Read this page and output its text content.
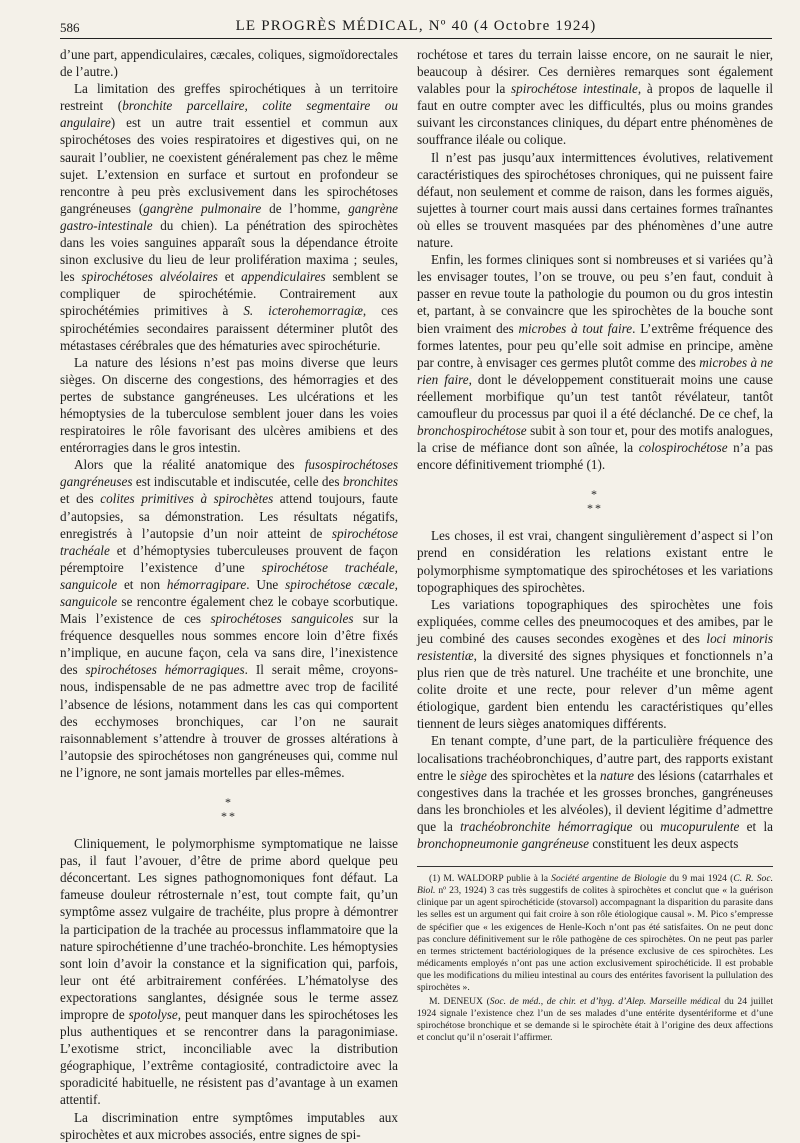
586	LE PROGRÈS MÉDICAL, Nº 40 (4 Octobre 1924)

d’une part, appendiculaires, cæcales, coliques, sigmoïdorectales de l’autre.)

La limitation des greffes spirochétiques à un territoire restreint (bronchite parcellaire, colite segmentaire ou angulaire) est un autre trait essentiel et commun aux spirochétoses des voies respiratoires et digestives qui, on ne saurait l’oublier, ne coexistent généralement pas chez le même sujet. L’extension en surface et surtout en profondeur se rencontre à peu près exclusivement dans les spirochétoses gangréneuses (gangrène pulmonaire de l’homme, gangrène gastro-intestinale du chien). La pénétration des spirochètes dans les voies sanguines apparaît sous la dépendance étroite sinon exclusive du lieu de leur prolifération maxima ; seules, les spirochétoses alvéolaires et appendiculaires semblent se compliquer de spirochétémie. Contrairement aux spirochétémies primitives à S. icterohemorragiæ, ces spirochétémies secondaires paraissent déterminer plutôt des métastases cérébrales que des hématuries avec spirochéturie.

La nature des lésions n’est pas moins diverse que leurs sièges. On discerne des congestions, des hémorragies et des pertes de substance gangréneuses. Les ulcérations et les hémoptysies de la tuberculose semblent jouer dans les voies respiratoires le rôle favorisant des ulcères amibiens et des entérorragies dans le gros intestin.

Alors que la réalité anatomique des fusospirochétoses gangréneuses est indiscutable et indiscutée, celle des bronchites et des colites primitives à spirochètes attend toujours, faute d’autopsies, sa démonstration. Les résultats négatifs, enregistrés à l’autopsie d’un noir atteint de spirochétose trachéale et d’hémoptysies tuberculeuses prouvent de façon péremptoire l’existence d’une spirochétose trachéale, sanguicole et non hémorragipare. Une spirochétose cæcale, sanguicole se rencontre également chez le cobaye scorbutique. Mais l’existence de ces spirochétoses sanguicoles sur la fréquence desquelles nous sommes encore loin d’être fixés n’implique, en aucune façon, cela va sans dire, l’inexistence des spirochétoses hémorragiques. Il serait même, croyons-nous, indispensable de ne pas admettre avec trop de facilité l’absence de lésions, notamment dans les cas qui comportent des ecchymoses bronchiques, car l’on ne saurait raisonnablement s’attendre à trouver de grosses altérations à l’autopsie des spirochétoses non gangréneuses qui, comme nul ne l’ignore, ne sont jamais mortelles par elles-mêmes.

*
**

Cliniquement, le polymorphisme symptomatique ne laisse pas, il faut l’avouer, d’être de prime abord quelque peu déconcertant. Les signes pathognomoniques font défaut. La fameuse douleur rétrosternale n’est, tout compte fait, qu’un symptôme assez vulgaire de trachéite, plus propre à démontrer la participation de la trachée au processus inflammatoire que la nature spirochétienne d’une trachéo-bronchite. Les hémoptysies sont loin d’avoir la constance et la signification qui, parfois, leur ont été arbitrairement conférées. L’hématolyse des expectorations sanglantes, désignée sous le terme assez impropre de spotolyse, peut manquer dans les spirochétoses les plus authentiques et se rencontrer dans la paragonimiase. L’exotisme strict, inconciliable avec la distribution géographique, l’extrême contagiosité, contradictoire avec la sporadicité habituelle, ne résistent pas d’avantage à un examen attentif.

La discrimination entre symptômes imputables aux spirochètes et aux microbes associés, entre signes de spi-

rochétose et tares du terrain laisse encore, on ne saurait le nier, beaucoup à désirer. Ces dernières remarques sont également valables pour la spirochétose intestinale, à propos de laquelle il faut en outre compter avec les difficultés, plus ou moins grandes suivant les circonstances cliniques, du départ entre phénomènes de souffrance iléale ou colique.

Il n’est pas jusqu’aux intermittences évolutives, relativement caractéristiques des spirochétoses chroniques, qui ne puissent faire défaut, non seulement et comme de raison, dans les formes aiguës, sujettes à tourner court mais aussi dans certaines formes traînantes où elles se trouvent masquées par des phénomènes d’une autre nature.

Enfin, les formes cliniques sont si nombreuses et si variées qu’à les envisager toutes, l’on se trouve, ou peu s’en faut, conduit à passer en revue toute la pathologie du poumon ou du gros intestin et, partant, à se convaincre que les spirochètes de la bouche sont bien vraiment des microbes à tout faire. L’extrême fréquence des formes latentes, pour peu qu’elle soit admise en principe, amène par contre, à envisager ces germes plutôt comme des microbes à ne rien faire, dont le développement constituerait moins une cause réellement morbifique qu’un test tantôt révélateur, tantôt camoufleur du processus par quoi il a été déclanché. De ce chef, la bronchospirochétose subit à son tour et, pour des motifs analogues, la crise de méfiance dont son aînée, la colospirochétose n’a pas encore définitivement triomphé (1).

*
**

Les choses, il est vrai, changent singulièrement d’aspect si l’on prend en considération les relations existant entre le polymorphisme symptomatique des spirochétoses et les variations topographiques des spirochètes.

Les variations topographiques des spirochètes une fois expliquées, comme celles des pneumocoques et des amibes, par le jeu combiné des causes secondes exogènes et des loci minoris resistentiæ, la diversité des signes physiques et fonctionnels n’a plus rien que de très naturel. Une trachéite et une bronchite, une colite droite et une recte, pour relever d’un même agent étiologique, gardent bien entendu les caractéristiques qu’elles tiennent de leurs sièges anatomiques différents.

En tenant compte, d’une part, de la particulière fréquence des localisations trachéobronchiques, d’autre part, des rapports existant entre le siège des spirochètes et la nature des lésions (catarrhales et congestives dans la trachée et les grosses bronches, gangréneuses dans les bronchioles et les alvéoles), il devient légitime d’admettre que la trachéobronchite hémorragique ou mucopurulente et la bronchopneumonie gangréneuse constituent les deux aspects

(1) M. WALDORP publie à la Société argentine de Biologie du 9 mai 1924 (C. R. Soc. Biol. nº 23, 1924) 3 cas très suggestifs de colites à spirochètes et conclut que « la guérison clinique par un agent spirochéticide (stovarsol) accompagnant la disparition du parasite dans les selles est un argument qui fait croire à son rôle étiologique causal ». M. Pico s’empresse de spécifier que « les exigences de Henle-Koch n’ont pas été satisfaites. On ne peut donc pas conclure définitivement sur le rôle pathogène de ces spirochètes. On ne peut pas parler en termes strictement bactériologiques de la présence exclusive de ces spirochètes. Les médicaments employés n’ont pas une action exclusivement spirochéticide. Il est probable que les modifications du milieu intestinal au cours des entérites favorisent la pullulation des spirochètes ».

M. DENEUX (Soc. de méd., de chir. et d’hyg. d’Alep. Marseille médical du 24 juillet 1924 signale l’existence chez l’un de ses malades d’une entérite dysentériforme et d’une spirochétose bronchique et se demande si le spirochète était à l’origine des deux affections et conclut qu’il n’oserait l’affirmer.
